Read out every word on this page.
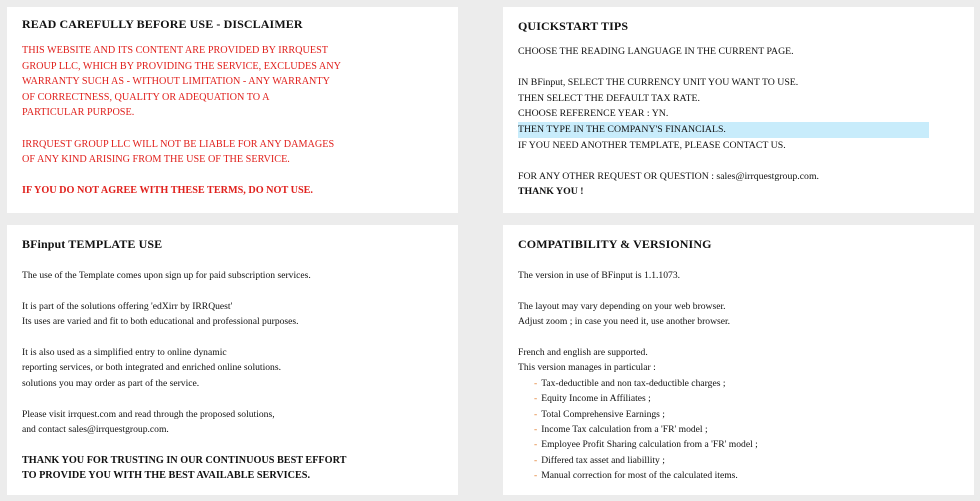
READ CAREFULLY BEFORE USE - DISCLAIMER
THIS WEBSITE AND ITS CONTENT ARE PROVIDED BY IRRQUEST
GROUP LLC, WHICH BY PROVIDING THE SERVICE, EXCLUDES ANY
WARRANTY SUCH AS - WITHOUT LIMITATION - ANY WARRANTY
OF CORRECTNESS, QUALITY OR ADEQUATION TO A
PARTICULAR PURPOSE.
IRRQUEST GROUP LLC WILL NOT BE LIABLE FOR ANY DAMAGES
OF ANY KIND ARISING FROM THE USE OF THE SERVICE.
IF YOU DO NOT AGREE WITH THESE TERMS, DO NOT USE.
QUICKSTART TIPS
CHOOSE THE READING LANGUAGE IN THE CURRENT PAGE.
IN BFinput, SELECT THE CURRENCY UNIT YOU WANT TO USE.
THEN SELECT THE DEFAULT TAX RATE.
CHOOSE REFERENCE YEAR : YN.
THEN TYPE IN THE COMPANY'S FINANCIALS.
IF YOU NEED ANOTHER TEMPLATE, PLEASE CONTACT US.
FOR ANY OTHER REQUEST OR QUESTION : sales@irrquestgroup.com.
THANK YOU !
BFinput TEMPLATE USE
The use of the Template comes upon sign up for paid subscription services.
It is part of the solutions offering 'edXirr by IRRQuest'
Its uses are varied and fit to both educational and professional purposes.
It is also used as a simplified entry to online dynamic
reporting services, or both integrated and enriched online solutions.
solutions you may order as part of the service.
Please visit irrquest.com and read through the proposed solutions,
and contact sales@irrquestgroup.com.
THANK YOU FOR TRUSTING IN OUR CONTINUOUS BEST EFFORT
TO PROVIDE YOU WITH THE BEST AVAILABLE SERVICES.
COMPATIBILITY & VERSIONING
The version in use of BFinput is 1.1.1073.
The layout may vary depending on your web browser.
Adjust zoom ; in case you need it, use another browser.
French and english are supported.
This version manages in particular :
- Tax-deductible and non tax-deductible charges ;
- Equity Income in Affiliates ;
- Total Comprehensive Earnings ;
- Income Tax calculation from a 'FR' model ;
- Employee Profit Sharing calculation from a 'FR' model ;
- Differed tax asset and liabillity ;
- Manual correction for most of the calculated items.
